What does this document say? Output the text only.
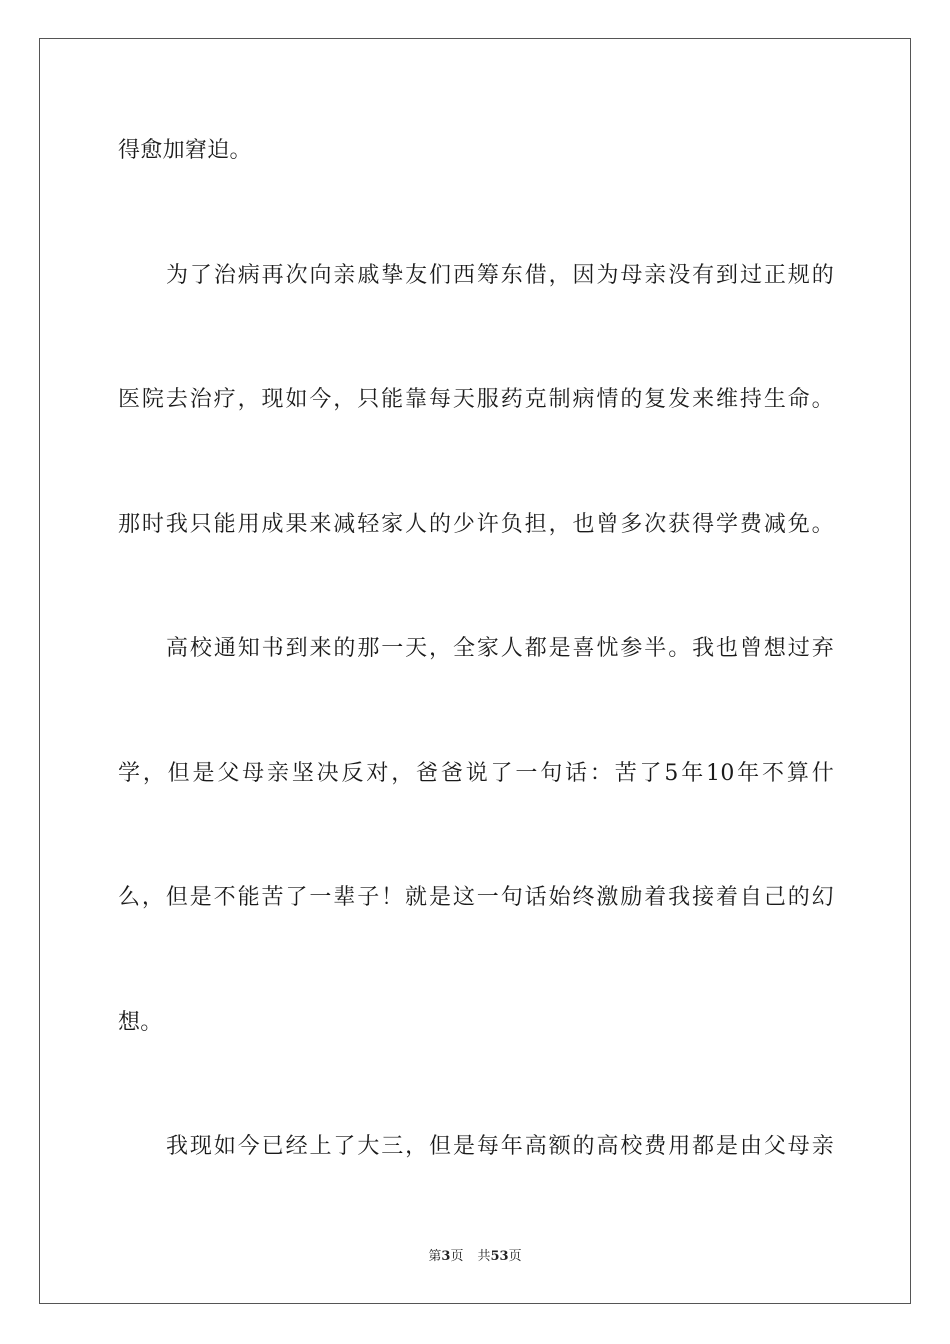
得愈加窘迫。
为了治病再次向亲戚挚友们西筹东借，因为母亲没有到过正规的
医院去治疗，现如今，只能靠每天服药克制病情的复发来维持生命。
那时我只能用成果来减轻家人的少许负担，也曾多次获得学费减免。
高校通知书到来的那一天，全家人都是喜忧参半。我也曾想过弃
学，但是父母亲坚决反对，爸爸说了一句话：苦了5年10年不算什
么，但是不能苦了一辈子！就是这一句话始终激励着我接着自己的幻
想。
我现如今已经上了大三，但是每年高额的高校费用都是由父母亲
第3页 共53页
